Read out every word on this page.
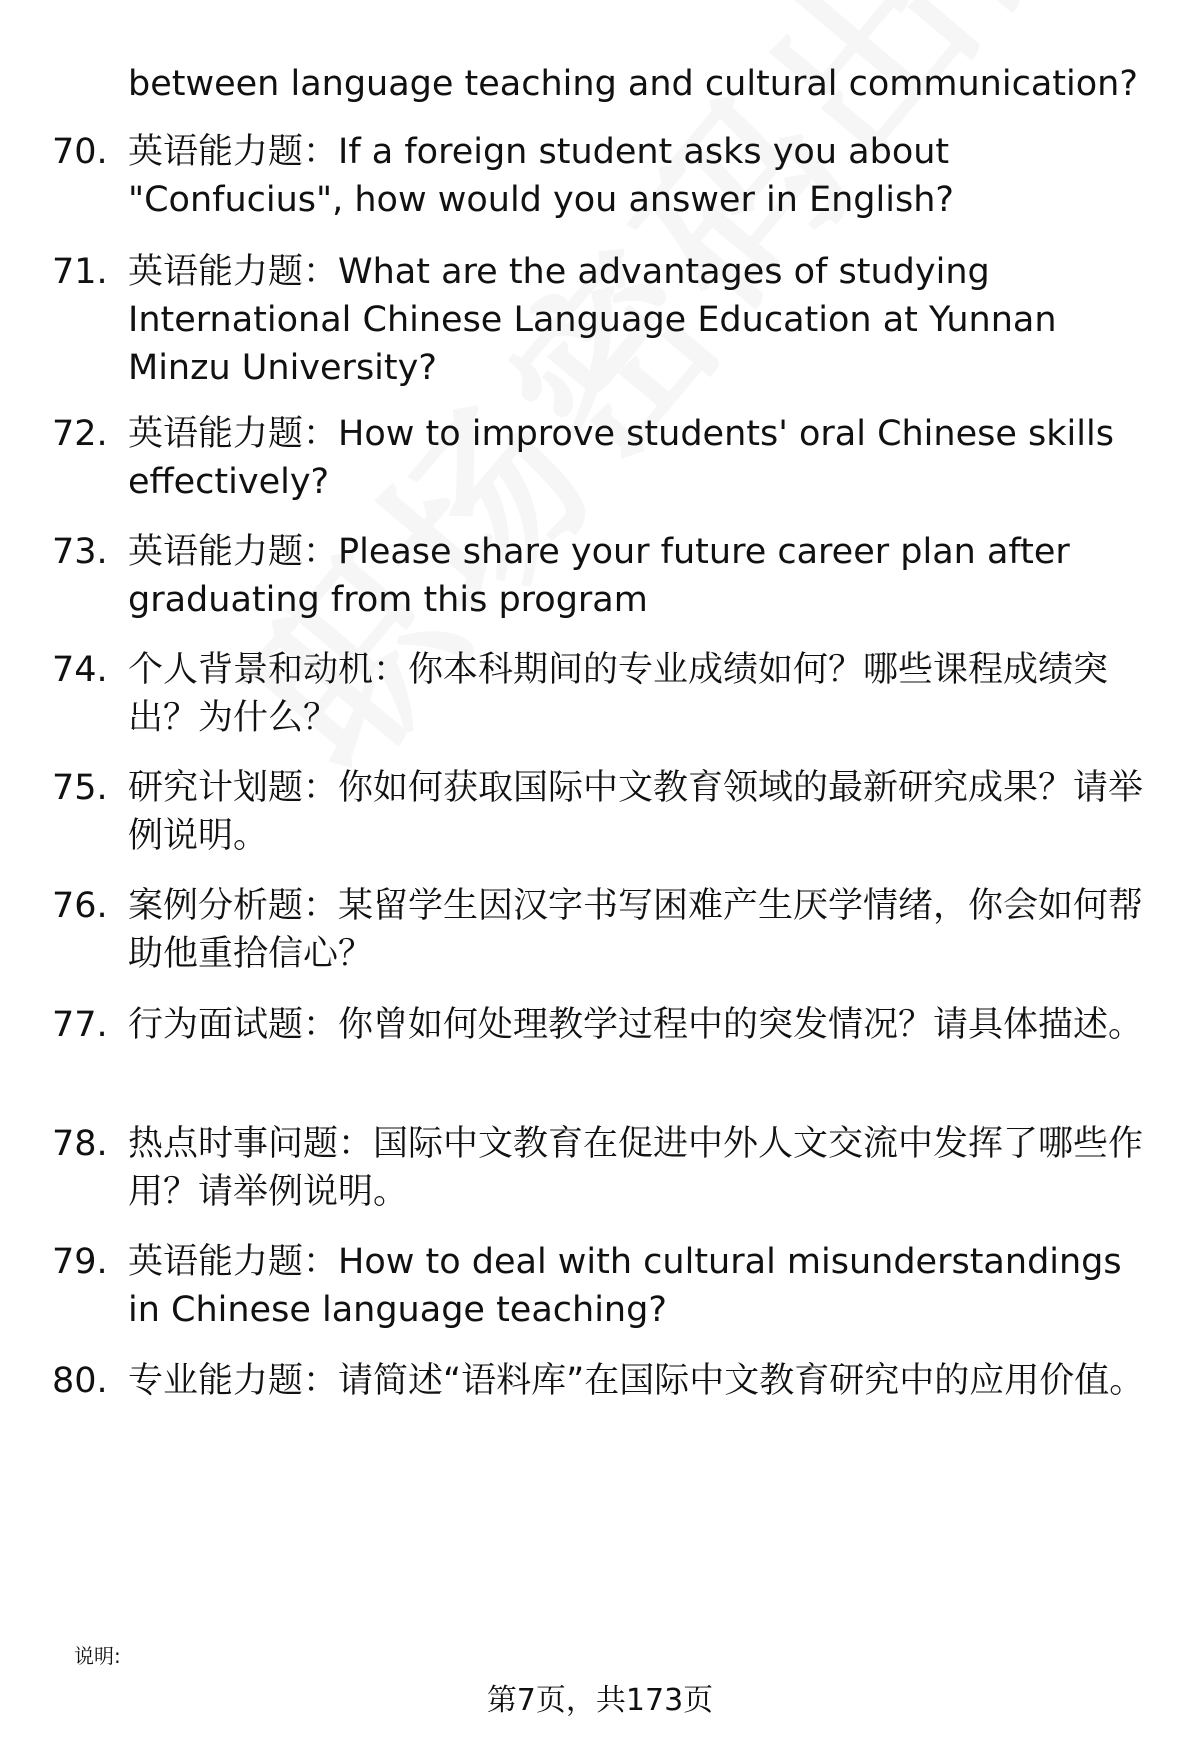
between language teaching and cultural communication?
70. 英语能力题：If a foreign student asks you about "Confucius", how would you answer in English?
71. 英语能力题：What are the advantages of studying International Chinese Language Education at Yunnan Minzu University?
72. 英语能力题：How to improve students' oral Chinese skills effectively?
73. 英语能力题：Please share your future career plan after graduating from this program
74. 个人背景和动机：你本科期间的专业成绩如何？哪些课程成绩突出？为什么？
75. 研究计划题：你如何获取国际中文教育领域的最新研究成果？请举例说明。
76. 案例分析题：某留学生因汉字书写困难产生厌学情绪，你会如何帮助他重拾信心？
77. 行为面试题：你曾如何处理教学过程中的突发情况？请具体描述。
78. 热点时事问题：国际中文教育在促进中外人文交流中发挥了哪些作用？请举例说明。
79. 英语能力题：How to deal with cultural misunderstandings in Chinese language teaching?
80. 专业能力题：请简述“语料库”在国际中文教育研究中的应用价值。
说明:
第7页，共173页
